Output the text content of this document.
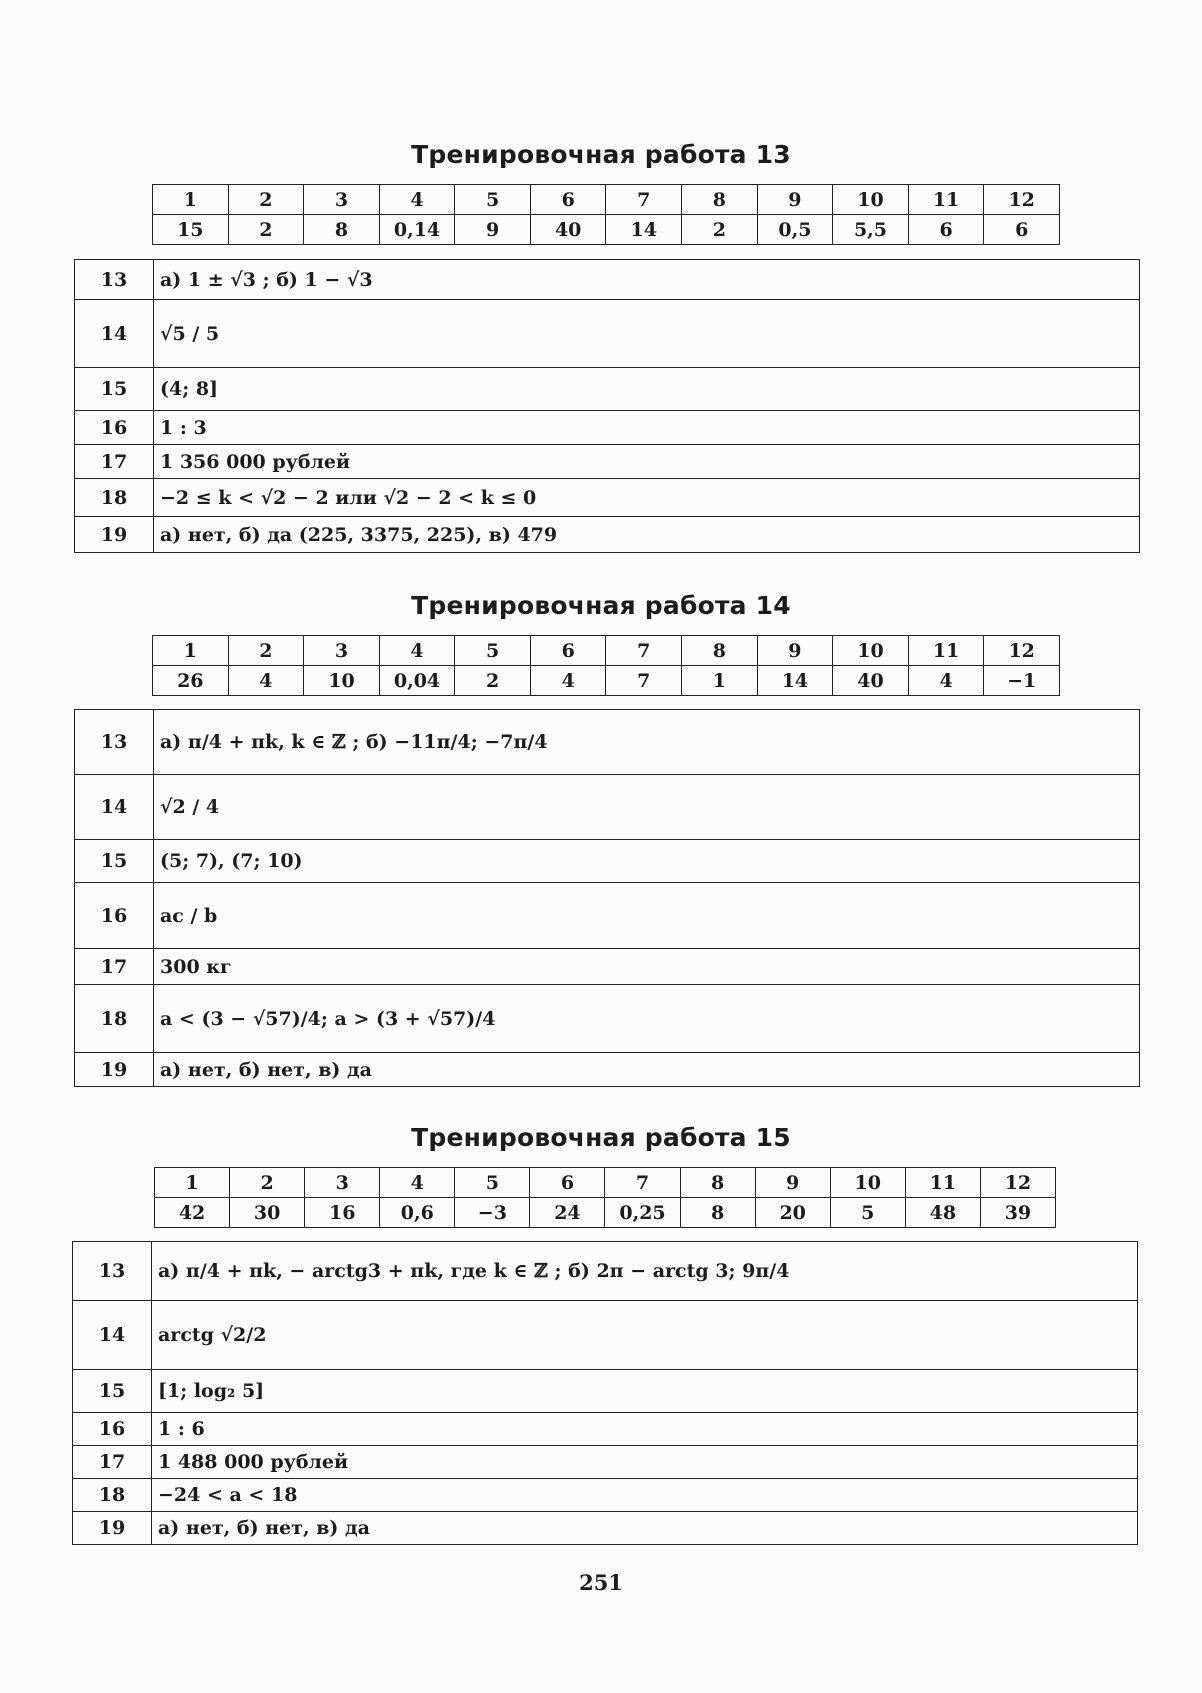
Тренировочная работа 13
1	2	3	4	5	6	7	8	9	10	11	12
15	2	8	0,14	9	40	14	2	0,5	5,5	6	6
13	а) 1 ± √3 ; б) 1 − √3
14	√5 / 5
15	(4; 8]
16	1 : 3
17	1 356 000 рублей
18	−2 ≤ k < √2 − 2 или √2 − 2 < k ≤ 0
19	а) нет, б) да (225, 3375, 225), в) 479
Тренировочная работа 14
1	2	3	4	5	6	7	8	9	10	11	12
26	4	10	0,04	2	4	7	1	14	40	4	−1
13	а) π/4 + πk, k ∈ ℤ ; б) −11π/4; −7π/4
14	√2 / 4
15	(5; 7), (7; 10)
16	ac / b
17	300 кг
18	a < (3 − √57)/4; a > (3 + √57)/4
19	а) нет, б) нет, в) да
Тренировочная работа 15
1	2	3	4	5	6	7	8	9	10	11	12
42	30	16	0,6	−3	24	0,25	8	20	5	48	39
13	а) π/4 + πk, − arctg3 + πk, где k ∈ ℤ ; б) 2π − arctg 3; 9π/4
14	arctg √2/2
15	[1; log₂ 5]
16	1 : 6
17	1 488 000 рублей
18	−24 < a < 18
19	а) нет, б) нет, в) да
251
